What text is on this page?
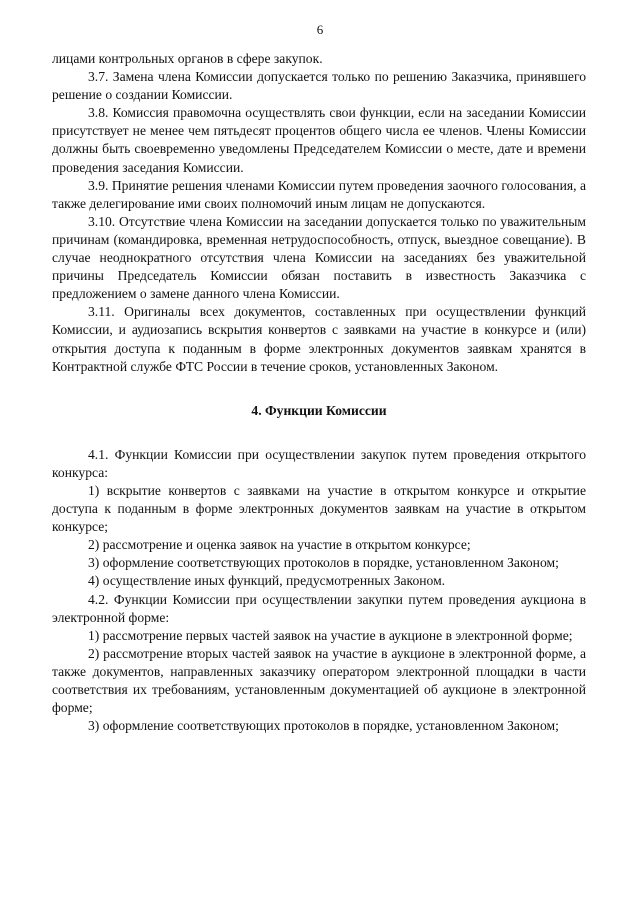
6

лицами контрольных органов в сфере закупок.

3.7. Замена члена Комиссии допускается только по решению Заказчика, принявшего решение о создании Комиссии.

3.8. Комиссия правомочна осуществлять свои функции, если на заседании Комиссии присутствует не менее чем пятьдесят процентов общего числа ее членов. Члены Комиссии должны быть своевременно уведомлены Председателем Комиссии о месте, дате и времени проведения заседания Комиссии.

3.9. Принятие решения членами Комиссии путем проведения заочного голосования, а также делегирование ими своих полномочий иным лицам не допускаются.

3.10. Отсутствие члена Комиссии на заседании допускается только по уважительным причинам (командировка, временная нетрудоспособность, отпуск, выездное совещание). В случае неоднократного отсутствия члена Комиссии на заседаниях без уважительной причины Председатель Комиссии обязан поставить в известность Заказчика с предложением о замене данного члена Комиссии.

3.11. Оригиналы всех документов, составленных при осуществлении функций Комиссии, и аудиозапись вскрытия конвертов с заявками на участие в конкурсе и (или) открытия доступа к поданным в форме электронных документов заявкам хранятся в Контрактной службе ФТС России в течение сроков, установленных Законом.

4. Функции Комиссии

4.1. Функции Комиссии при осуществлении закупок путем проведения открытого конкурса:

1) вскрытие конвертов с заявками на участие в открытом конкурсе и открытие доступа к поданным в форме электронных документов заявкам на участие в открытом конкурсе;

2) рассмотрение и оценка заявок на участие в открытом конкурсе;

3) оформление соответствующих протоколов в порядке, установленном Законом;

4) осуществление иных функций, предусмотренных Законом.

4.2. Функции Комиссии при осуществлении закупки путем проведения аукциона в электронной форме:

1) рассмотрение первых частей заявок на участие в аукционе в электронной форме;

2) рассмотрение вторых частей заявок на участие в аукционе в электронной форме, а также документов, направленных заказчику оператором электронной площадки в части соответствия их требованиям, установленным документацией об аукционе в электронной форме;

3) оформление соответствующих протоколов в порядке, установленном Законом;
